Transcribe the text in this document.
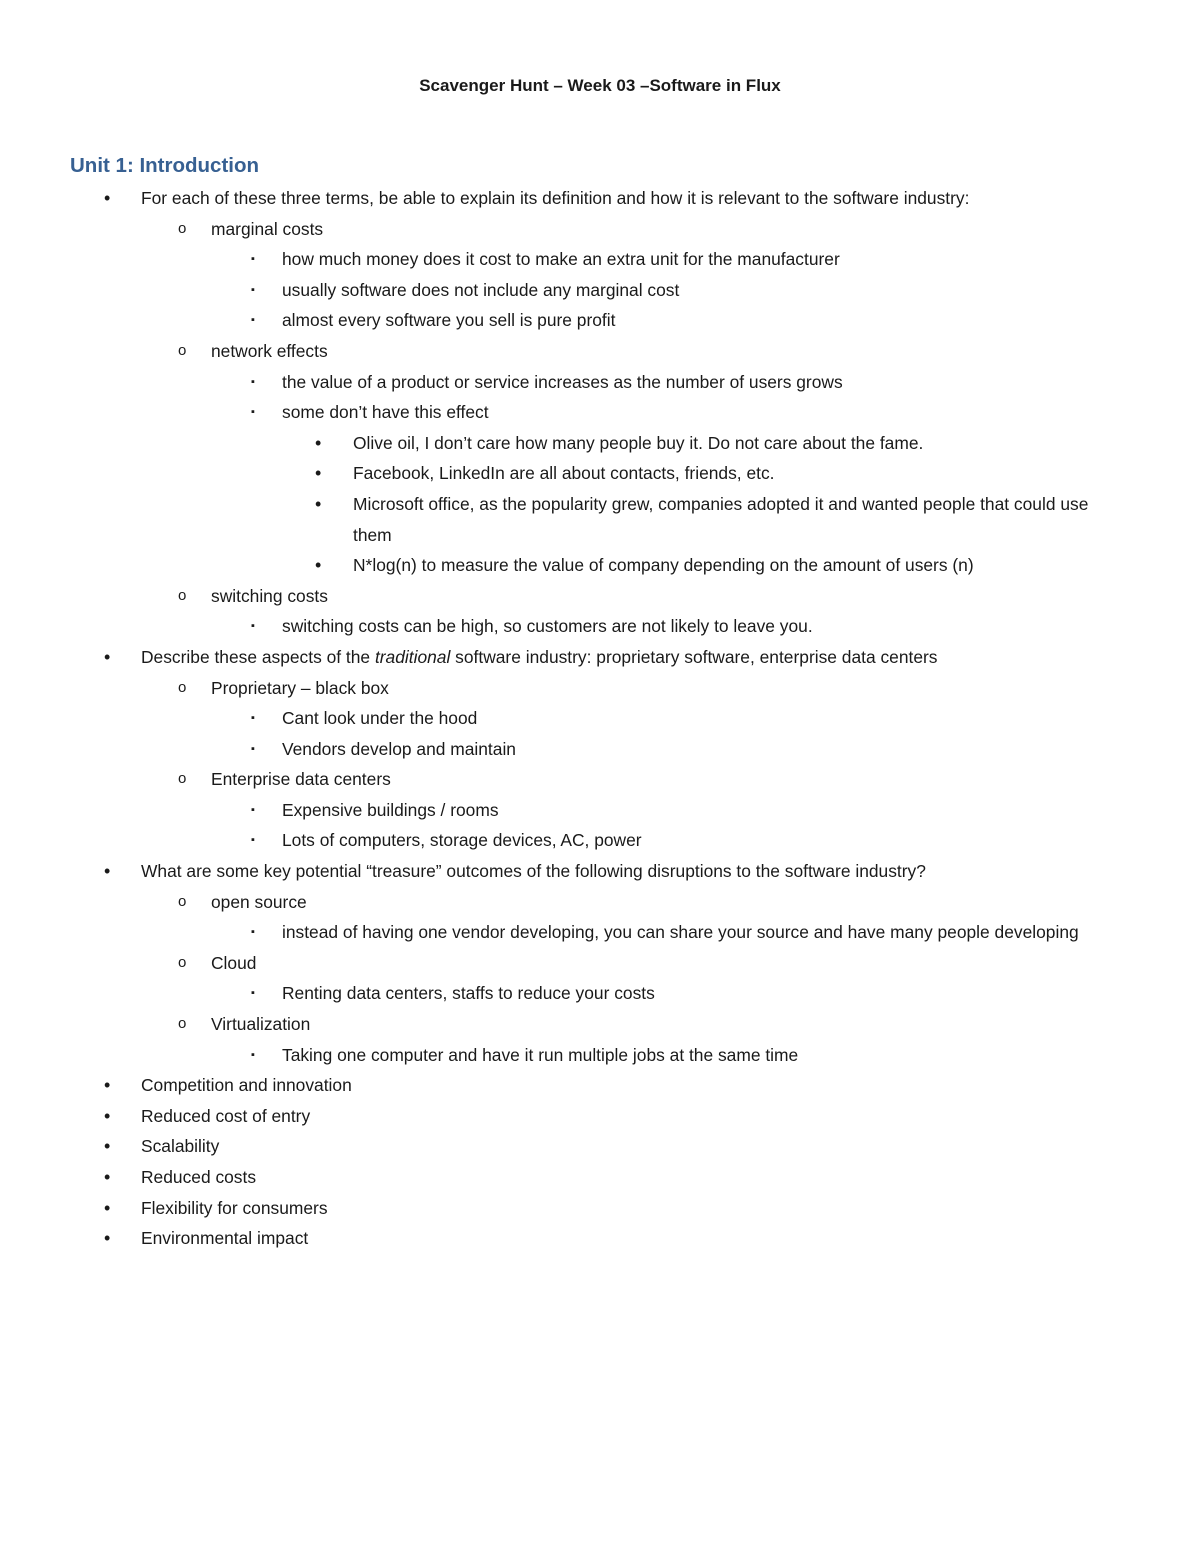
Scavenger Hunt – Week 03 –Software in Flux
Unit 1: Introduction
• For each of these three terms, be able to explain its definition and how it is relevant to the software industry:
o marginal costs
▪ how much money does it cost to make an extra unit for the manufacturer
▪ usually software does not include any marginal cost
▪ almost every software you sell is pure profit
o network effects
▪ the value of a product or service increases as the number of users grows
▪ some don’t have this effect
• Olive oil, I don’t care how many people buy it. Do not care about the fame.
• Facebook, LinkedIn are all about contacts, friends, etc.
• Microsoft office, as the popularity grew, companies adopted it and wanted people that could use them
• N*log(n) to measure the value of company depending on the amount of users (n)
o switching costs
▪ switching costs can be high, so customers are not likely to leave you.
• Describe these aspects of the traditional software industry: proprietary software, enterprise data centers
o Proprietary – black box
▪ Cant look under the hood
▪ Vendors develop and maintain
o Enterprise data centers
▪ Expensive buildings / rooms
▪ Lots of computers, storage devices, AC, power
• What are some key potential “treasure” outcomes of the following disruptions to the software industry?
o open source
▪ instead of having one vendor developing, you can share your source and have many people developing
o Cloud
▪ Renting data centers, staffs to reduce your costs
o Virtualization
▪ Taking one computer and have it run multiple jobs at the same time
• Competition and innovation
• Reduced cost of entry
• Scalability
• Reduced costs
• Flexibility for consumers
• Environmental impact
